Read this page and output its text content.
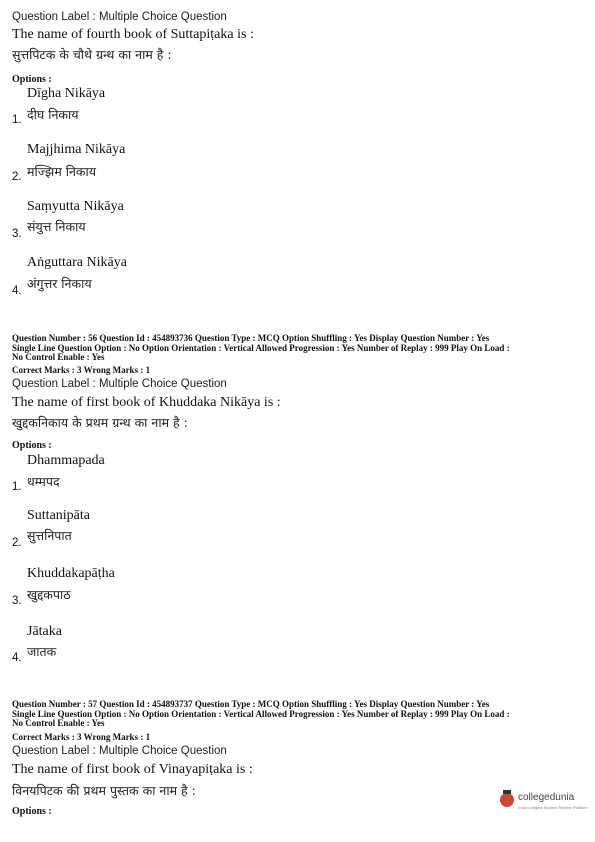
Question Label : Multiple Choice Question
The name of fourth book of Suttapiṭaka is :
सुत्तपिटक के चौथे ग्रन्थ का नाम है :
Options :
Dīgha Nikāya
दीघ निकाय
1.
Majjhima Nikāya
मज्झिम निकाय
2.
Saṃyutta Nikāya
संयुत्त निकाय
3.
Aṅguttara Nikāya
अंगुत्तर निकाय
4.
Question Number : 56 Question Id : 454893736 Question Type : MCQ Option Shuffling : Yes Display Question Number : Yes
Single Line Question Option : No Option Orientation : Vertical Allowed Progression : Yes Number of Replay : 999 Play On Load :
No Control Enable : Yes
Correct Marks : 3 Wrong Marks : 1
Question Label : Multiple Choice Question
The name of first book of Khuddaka Nikāya is :
खुद्दकनिकाय के प्रथम ग्रन्थ का नाम है :
Options :
Dhammapada
धम्मपद
1.
Suttanipāta
सुत्तनिपात
2.
Khuddakapāṭha
खुद्दकपाठ
3.
Jātaka
जातक
4.
Question Number : 57 Question Id : 454893737 Question Type : MCQ Option Shuffling : Yes Display Question Number : Yes
Single Line Question Option : No Option Orientation : Vertical Allowed Progression : Yes Number of Replay : 999 Play On Load :
No Control Enable : Yes
Correct Marks : 3 Wrong Marks : 1
Question Label : Multiple Choice Question
The name of first book of Vinayapiṭaka is :
विनयपिटक की प्रथम पुस्तक का नाम है :
Options :
collegedunia
India's largest Student Review Platform
